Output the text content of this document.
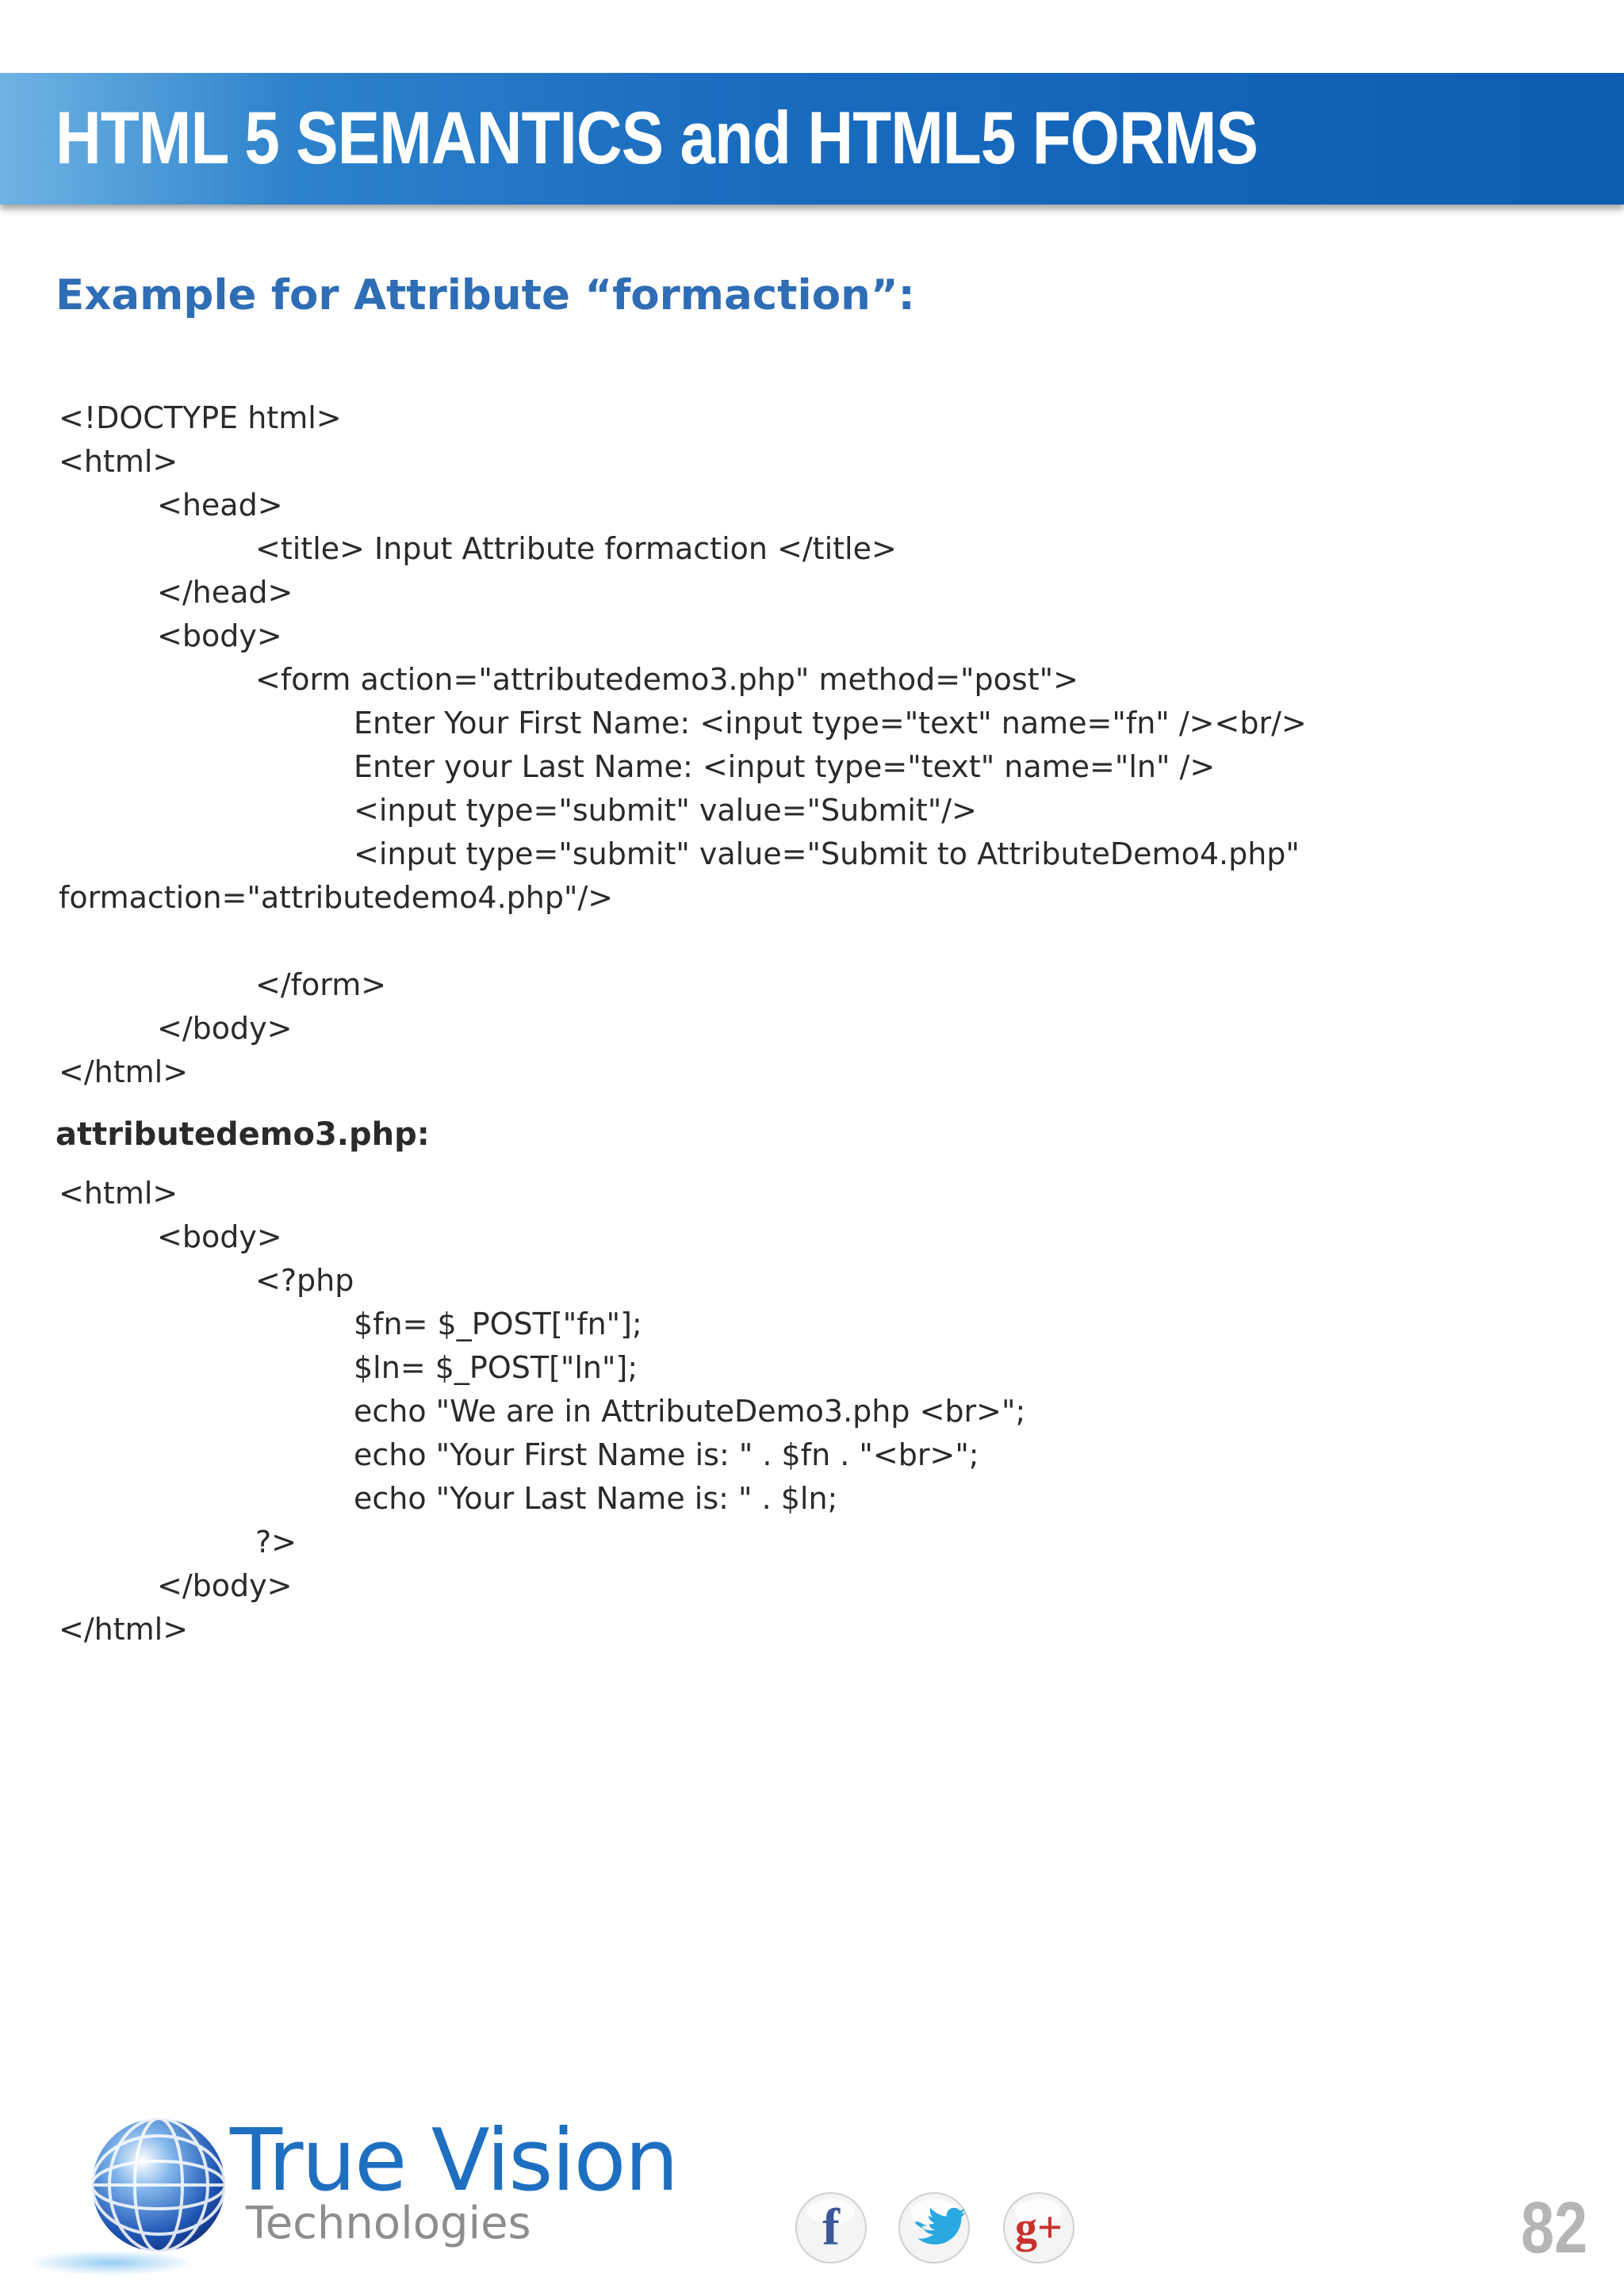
HTML 5 SEMANTICS and HTML5 FORMS
Example for Attribute “formaction”:
<!DOCTYPE html>
<html>
<head>
<title> Input Attribute formaction </title>
</head>
<body>
<form action="attributedemo3.php" method="post">
Enter Your First Name: <input type="text" name="fn" /><br/>
Enter your Last Name: <input type="text" name="ln" />
<input type="submit" value="Submit"/>
<input type="submit" value="Submit to AttributeDemo4.php"
formaction="attributedemo4.php"/>
</form>
</body>
</html>
attributedemo3.php:
<html>
<body>
<?php
$fn= $_POST["fn"];
$ln= $_POST["ln"];
echo "We are in AttributeDemo3.php <br>";
echo "Your First Name is: " . $fn . "<br>";
echo "Your Last Name is: " . $ln;
?>
</body>
</html>
True Vision
Technologies	f	g+	82
